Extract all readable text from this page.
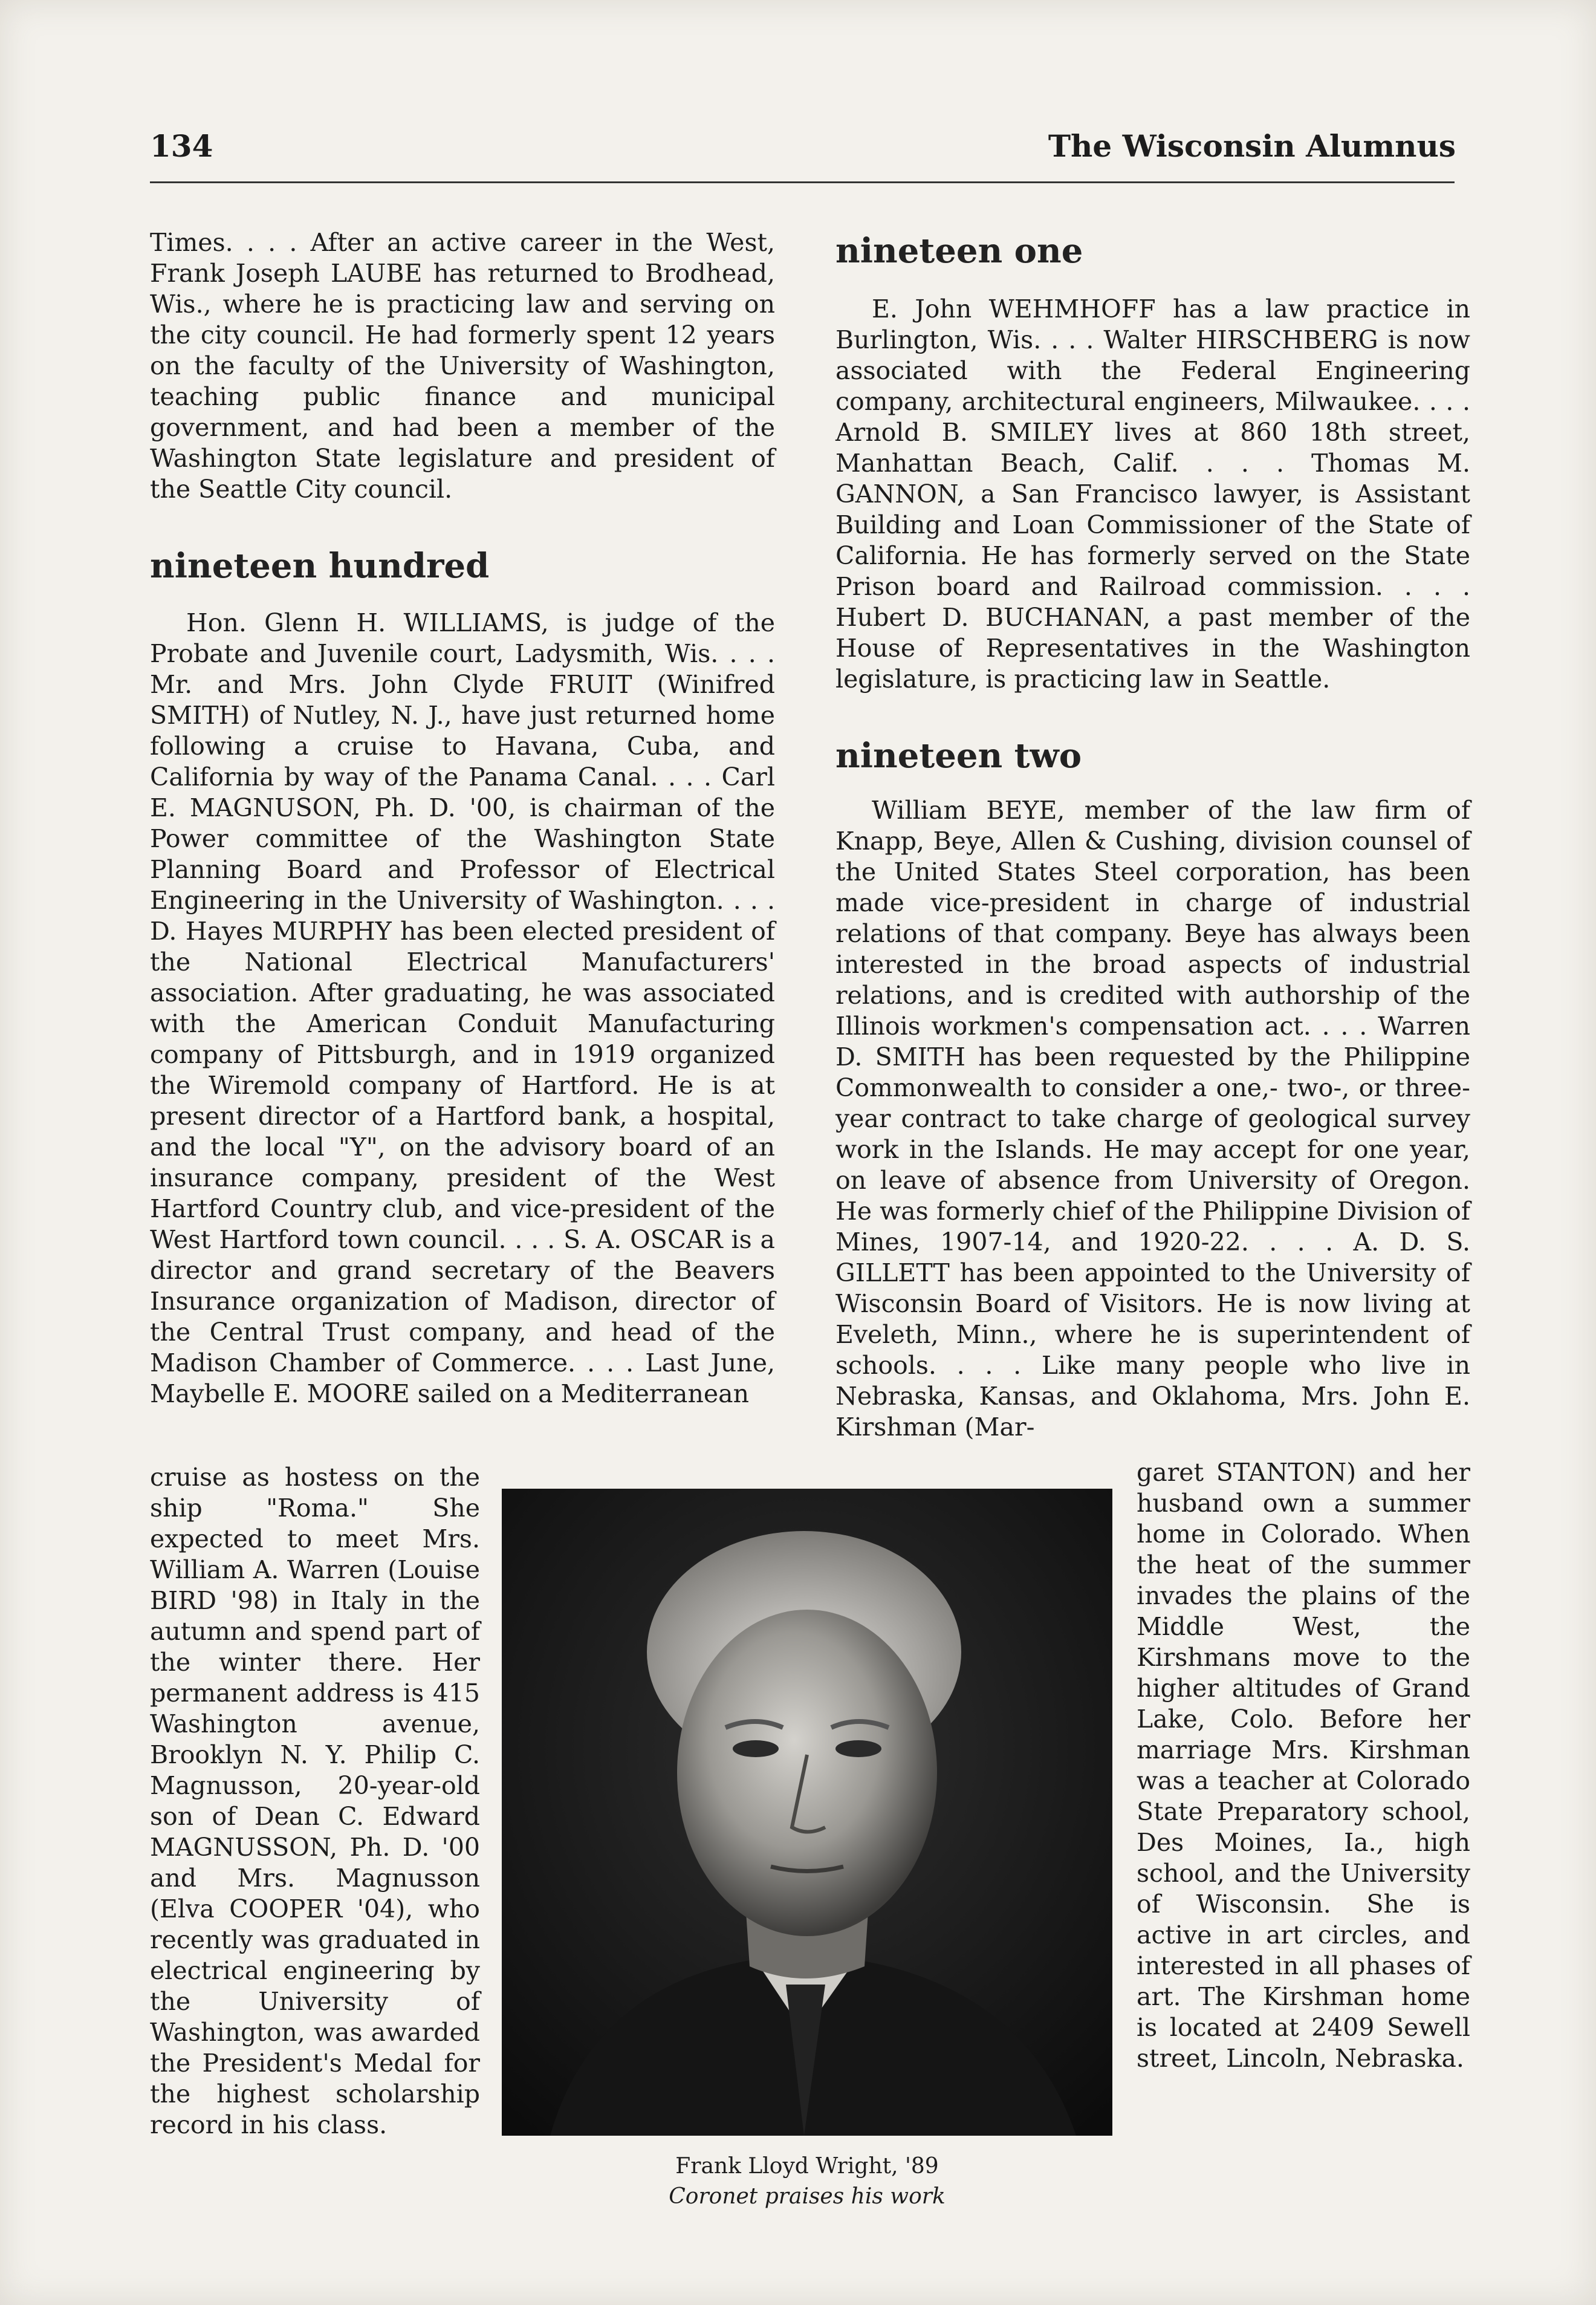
134	The Wisconsin Alumnus

Times. . . . After an active career in the West, Frank Joseph LAUBE has returned to Brodhead, Wis., where he is practicing law and serving on the city council. He had formerly spent 12 years on the faculty of the University of Washington, teaching public finance and municipal government, and had been a member of the Washington State legislature and president of the Seattle City council.

nineteen hundred

Hon. Glenn H. WILLIAMS, is judge of the Probate and Juvenile court, Ladysmith, Wis. . . . Mr. and Mrs. John Clyde FRUIT (Winifred SMITH) of Nutley, N. J., have just returned home following a cruise to Havana, Cuba, and California by way of the Panama Canal. . . . Carl E. MAGNUSON, Ph. D. '00, is chairman of the Power committee of the Washington State Planning Board and Professor of Electrical Engineering in the University of Washington. . . . D. Hayes MURPHY has been elected president of the National Electrical Manufacturers' association. After graduating, he was associated with the American Conduit Manufacturing company of Pittsburgh, and in 1919 organized the Wiremold company of Hartford. He is at present director of a Hartford bank, a hospital, and the local "Y", on the advisory board of an insurance company, president of the West Hartford Country club, and vice-president of the West Hartford town council. . . . S. A. OSCAR is a director and grand secretary of the Beavers Insurance organization of Madison, director of the Central Trust company, and head of the Madison Chamber of Commerce. . . . Last June, Maybelle E. MOORE sailed on a Mediterranean

cruise as hostess on the ship "Roma." She expected to meet Mrs. William A. Warren (Louise BIRD '98) in Italy in the autumn and spend part of the winter there. Her permanent address is 415 Washington avenue, Brooklyn N. Y. Philip C. Magnusson, 20-year-old son of Dean C. Edward MAGNUSSON, Ph. D. '00 and Mrs. Magnusson (Elva COOPER '04), who recently was graduated in electrical engineering by the University of Washington, was awarded the President's Medal for the highest scholarship record in his class.

nineteen one

E. John WEHMHOFF has a law practice in Burlington, Wis. . . . Walter HIRSCHBERG is now associated with the Federal Engineering company, architectural engineers, Milwaukee. . . . Arnold B. SMILEY lives at 860 18th street, Manhattan Beach, Calif. . . . Thomas M. GANNON, a San Francisco lawyer, is Assistant Building and Loan Commissioner of the State of California. He has formerly served on the State Prison board and Railroad commission. . . . Hubert D. BUCHANAN, a past member of the House of Representatives in the Washington legislature, is practicing law in Seattle.

nineteen two

William BEYE, member of the law firm of Knapp, Beye, Allen & Cushing, division counsel of the United States Steel corporation, has been made vice-president in charge of industrial relations of that company. Beye has always been interested in the broad aspects of industrial relations, and is credited with authorship of the Illinois workmen's compensation act. . . . Warren D. SMITH has been requested by the Philippine Commonwealth to consider a one,- two-, or three-year contract to take charge of geological survey work in the Islands. He may accept for one year, on leave of absence from University of Oregon. He was formerly chief of the Philippine Division of Mines, 1907-14, and 1920-22. . . . A. D. S. GILLETT has been appointed to the University of Wisconsin Board of Visitors. He is now living at Eveleth, Minn., where he is superintendent of schools. . . . Like many people who live in Nebraska, Kansas, and Oklahoma, Mrs. John E. Kirshman (Mar-

garet STANTON) and her husband own a summer home in Colorado. When the heat of the summer invades the plains of the Middle West, the Kirshmans move to the higher altitudes of Grand Lake, Colo. Before her marriage Mrs. Kirshman was a teacher at Colorado State Preparatory school, Des Moines, Ia., high school, and the University of Wisconsin. She is active in art circles, and interested in all phases of art. The Kirshman home is located at 2409 Sewell street, Lincoln, Nebraska.

Frank Lloyd Wright, '89
Coronet praises his work
